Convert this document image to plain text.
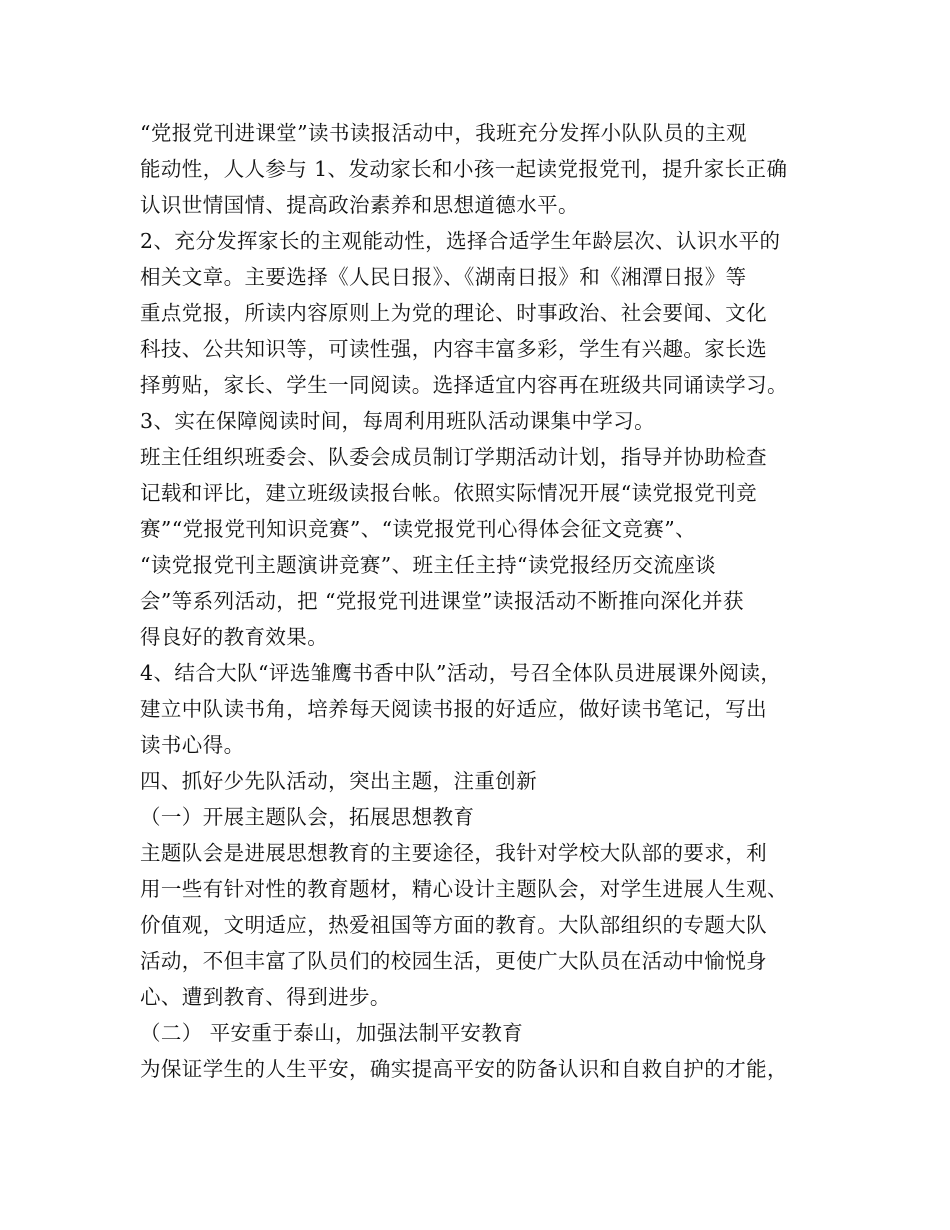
“党报党刊进课堂”读书读报活动中，我班充分发挥小队队员的主观
能动性，人人参与 1、发动家长和小孩一起读党报党刊，提升家长正确
认识世情国情、提高政治素养和思想道德水平。
2、充分发挥家长的主观能动性，选择合适学生年龄层次、认识水平的
相关文章。主要选择《人民日报》、《湖南日报》和《湘潭日报》等
重点党报，所读内容原则上为党的理论、时事政治、社会要闻、文化
科技、公共知识等，可读性强，内容丰富多彩，学生有兴趣。家长选
择剪贴，家长、学生一同阅读。选择适宜内容再在班级共同诵读学习。
3、实在保障阅读时间，每周利用班队活动课集中学习。
班主任组织班委会、队委会成员制订学期活动计划，指导并协助检查
记载和评比，建立班级读报台帐。依照实际情况开展“读党报党刊竞
赛”“党报党刊知识竞赛”、“读党报党刊心得体会征文竞赛”、
“读党报党刊主题演讲竞赛”、班主任主持“读党报经历交流座谈
会”等系列活动，把 “党报党刊进课堂”读报活动不断推向深化并获
得良好的教育效果。
4、结合大队“评选雏鹰书香中队”活动，号召全体队员进展课外阅读，
建立中队读书角，培养每天阅读书报的好适应，做好读书笔记，写出
读书心得。
四、抓好少先队活动，突出主题，注重创新
（一）开展主题队会，拓展思想教育
主题队会是进展思想教育的主要途径，我针对学校大队部的要求，利
用一些有针对性的教育题材，精心设计主题队会，对学生进展人生观、
价值观，文明适应，热爱祖国等方面的教育。大队部组织的专题大队
活动，不但丰富了队员们的校园生活，更使广大队员在活动中愉悦身
心、遭到教育、得到进步。
（二） 平安重于泰山，加强法制平安教育
为保证学生的人生平安，确实提高平安的防备认识和自救自护的才能，
